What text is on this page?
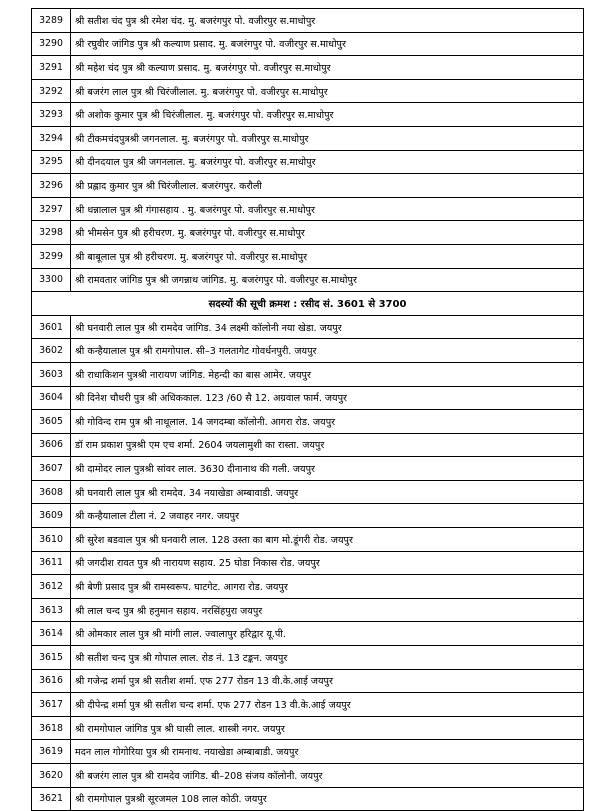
3289	श्री सतीश चंद पुत्र श्री रमेश चंद. मु. बजरंगपुर पो. वजीरपुर स.माधोपुर
3290	श्री रघुवीर जांगिड पुत्र श्री कल्याण प्रसाद. मु. बजरंगपुर पो. वजीरपुर स.माधोपुर
3291	श्री महेश चंद पुत्र श्री कल्याण प्रसाद. मु. बजरंगपुर पो. वजीरपुर स.माधोपुर
3292	श्री बजरंग लाल पुत्र श्री चिरंजीलाल. मु. बजरंगपुर पो. वजीरपुर स.माधोपुर
3293	श्री अशोक कुमार पुत्र श्री चिरंजीलाल. मु. बजरंगपुर पो. वजीरपुर स.माधोपुर
3294	श्री टीकमचंदपुत्रश्री जगनलाल. मु. बजरंगपुर पो. वजीरपुर स.माधोपुर
3295	श्री दीनदयाल पुत्र श्री जगनलाल. मु. बजरंगपुर पो. वजीरपुर स.माधोपुर
3296	श्री प्रह्लाद कुमार पुत्र श्री चिरंजीलाल. बजरंगपुर. करौली
3297	श्री धन्नालाल पुत्र श्री गंगासहाय . मु. बजरंगपुर पो. वजीरपुर स.माधोपुर
3298	श्री भीमसेन पुत्र श्री हरीचरण. मु. बजरंगपुर पो. वजीरपुर स.माधोपुर
3299	श्री बाबूलाल पुत्र श्री हरीचरण. मु. बजरंगपुर पो. वजीरपुर स.माधोपुर
3300	श्री रामवतार जांगिड पुत्र श्री जगन्नाथ जांगिड. मु. बजरंगपुर पो. वजीरपुर स.माधोपुर
सदस्यों की सूची क्रमश : रसीद सं. 3601 से 3700	
3601	श्री घनवारी लाल पुत्र श्री रामदेव जांगिड. 34 लक्ष्मी कॉलोनी नया खेडा. जयपुर
3602	श्री कन्हैयालाल पुत्र श्री रामगोपाल. सी–3 गलतागेट गोवर्धनपुरी. जयपुर
3603	श्री राधाकिशन पुत्रश्री नारायण जांगिड. मेहन्दी का बास आमेर. जयपुर
3604	श्री दिनेश चौधरी पुत्र श्री अधिककाल. 123 /60 सै 12. अग्रवाल फार्म. जयपुर
3605	श्री गोविन्द राम पुत्र श्री नाथूलाल. 14 जगदम्बा कॉलोनी. आगरा रोड. जयपुर
3606	डॉ राम प्रकाश पुत्रश्री एम एच शर्मा. 2604 जयलामुशी का रास्ता. जयपुर
3607	श्री दामोदर लाल पुत्रश्री सांवर लाल. 3630 दीनानाथ की गली. जयपुर
3608	श्री घनवारी लाल पुत्र श्री रामदेव. 34 नयाखेडा अम्बावाडी. जयपुर
3609	श्री कन्हैयालाल टीला नं. 2 जवाहर नगर. जयपुर
3610	श्री सुरेश बडवाल पुत्र श्री घनवारी लाल. 128 उस्ता का बाग मो.डूंगरी रोड. जयपुर
3611	श्री जगदीश रावत पुत्र श्री नारायण सहाय. 25 घोडा निकास रोड. जयपुर
3612	श्री बेणी प्रसाद पुत्र श्री रामस्वरूप. घाटगेट. आगरा रोड. जयपुर
3613	श्री लाल चन्द पुत्र श्री हनुमान सहाय. नरसिंहपुरा जयपुर
3614	श्री ओमकार लाल पुत्र श्री मांगी लाल. ज्वालापुर हरिद्वार यू.पी.
3615	श्री सतीश चन्द पुत्र श्री गोपाल लाल. रोड नं. 13 टङ्कन. जयपुर
3616	श्री गजेन्द्र शर्मा पुत्र श्री सतीश शर्मा. एफ 277 रोडन 13 वी.के.आई जयपुर
3617	श्री दीपेन्द्र शर्मा पुत्र श्री सतीश चन्द शर्मा. एफ 277 रोडन 13 वी.के.आई जयपुर
3618	श्री रामगोपाल जांगिड पुत्र श्री घासी लाल. शास्त्री नगर. जयपुर
3619	मदन लाल गोगोरिया पुत्र श्री रामनाथ. नयाखेडा अम्बाबाडी. जयपुर
3620	श्री बजरंग लाल पुत्र श्री रामदेव जांगिड. बी–208 संजय कॉलोनी. जयपुर
3621	श्री रामगोपाल पुत्रश्री सूरजमल 108 लाल कोठी. जयपुर
